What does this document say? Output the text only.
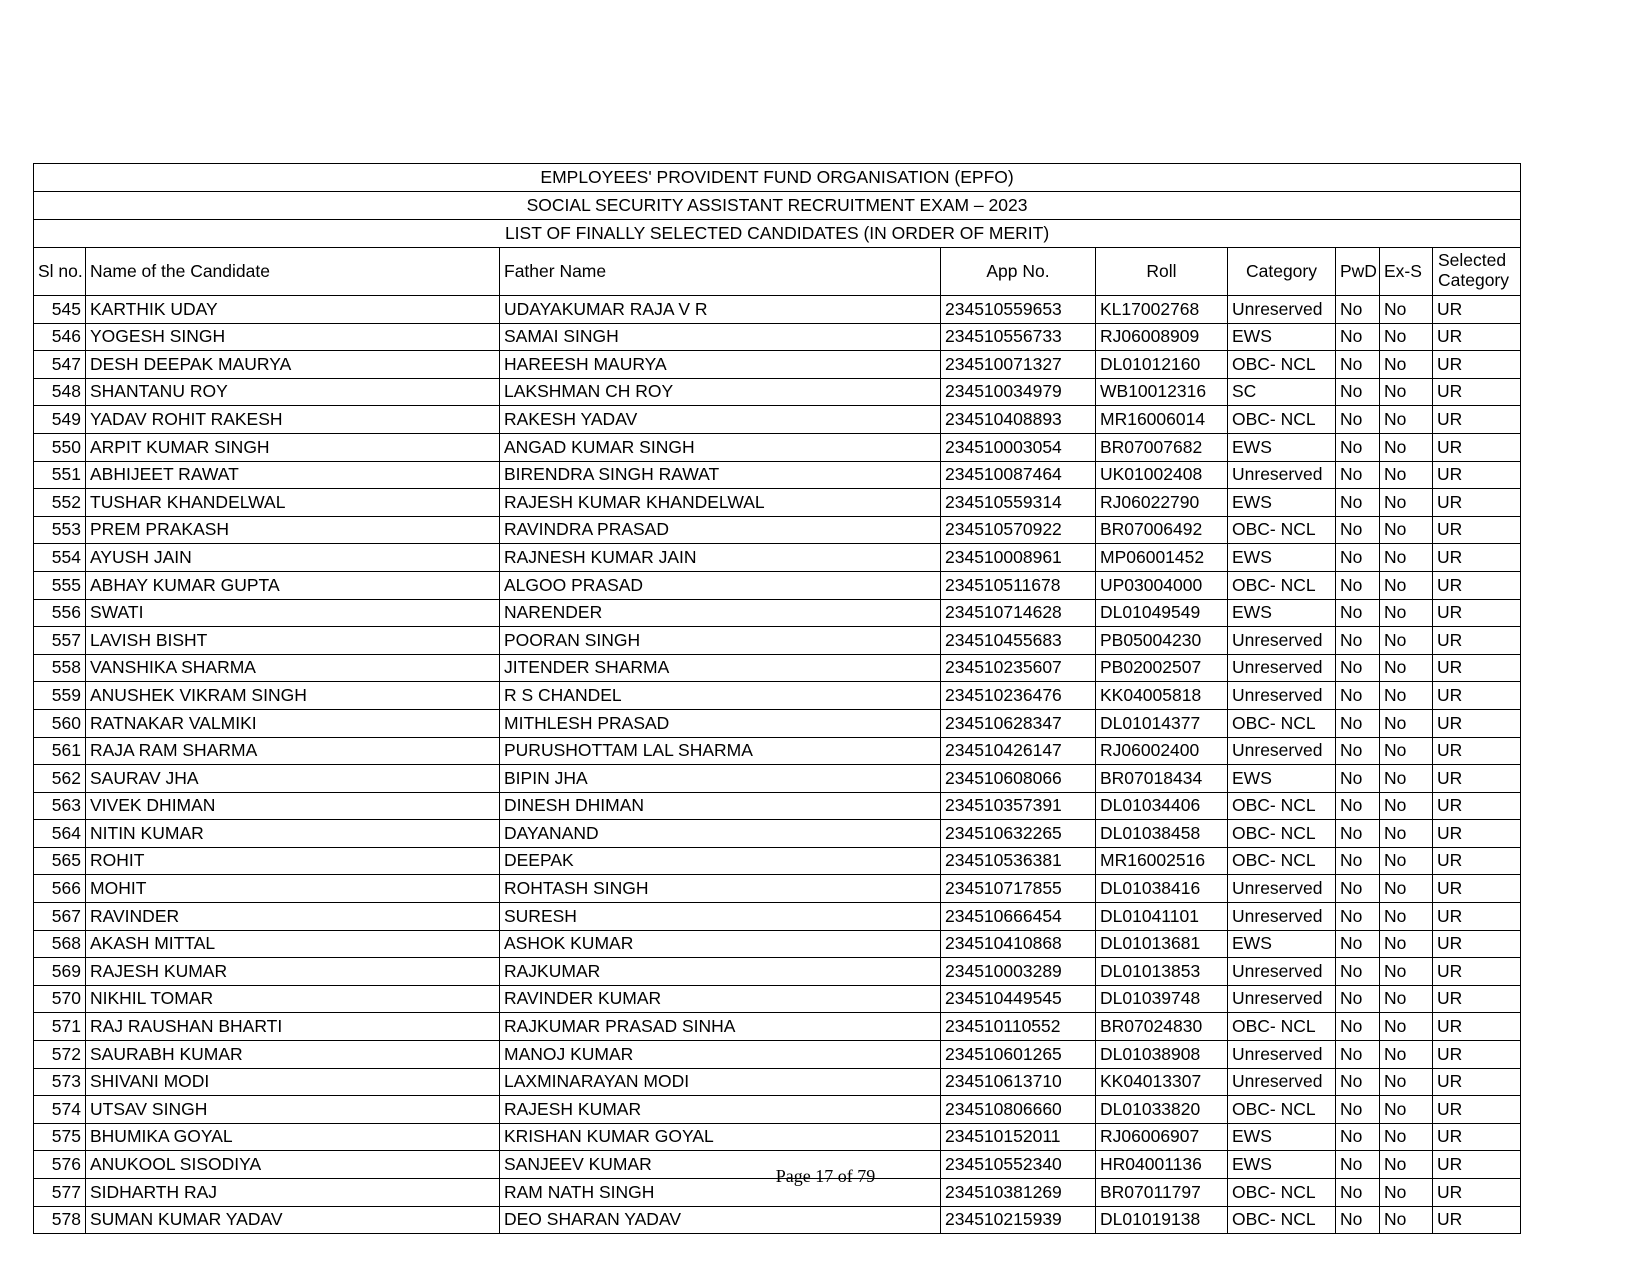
EMPLOYEES' PROVIDENT FUND ORGANISATION (EPFO)								
SOCIAL SECURITY ASSISTANT RECRUITMENT EXAM – 2023								
LIST OF FINALLY SELECTED CANDIDATES (IN ORDER OF MERIT)								
Sl no.	Name of the Candidate	Father Name	App No.	Roll	Category	PwD	Ex-S	Selected
Category
545	KARTHIK UDAY	UDAYAKUMAR RAJA V R	234510559653	KL17002768	Unreserved	No	No	UR
546	YOGESH SINGH	SAMAI SINGH	234510556733	RJ06008909	EWS	No	No	UR
547	DESH DEEPAK MAURYA	HAREESH MAURYA	234510071327	DL01012160	OBC- NCL	No	No	UR
548	SHANTANU ROY	LAKSHMAN CH ROY	234510034979	WB10012316	SC	No	No	UR
549	YADAV ROHIT RAKESH	RAKESH YADAV	234510408893	MR16006014	OBC- NCL	No	No	UR
550	ARPIT KUMAR SINGH	ANGAD KUMAR SINGH	234510003054	BR07007682	EWS	No	No	UR
551	ABHIJEET RAWAT	BIRENDRA SINGH RAWAT	234510087464	UK01002408	Unreserved	No	No	UR
552	TUSHAR KHANDELWAL	RAJESH KUMAR KHANDELWAL	234510559314	RJ06022790	EWS	No	No	UR
553	PREM PRAKASH	RAVINDRA PRASAD	234510570922	BR07006492	OBC- NCL	No	No	UR
554	AYUSH JAIN	RAJNESH KUMAR JAIN	234510008961	MP06001452	EWS	No	No	UR
555	ABHAY KUMAR GUPTA	ALGOO PRASAD	234510511678	UP03004000	OBC- NCL	No	No	UR
556	SWATI	NARENDER	234510714628	DL01049549	EWS	No	No	UR
557	LAVISH BISHT	POORAN SINGH	234510455683	PB05004230	Unreserved	No	No	UR
558	VANSHIKA SHARMA	JITENDER SHARMA	234510235607	PB02002507	Unreserved	No	No	UR
559	ANUSHEK VIKRAM SINGH	R S CHANDEL	234510236476	KK04005818	Unreserved	No	No	UR
560	RATNAKAR VALMIKI	MITHLESH PRASAD	234510628347	DL01014377	OBC- NCL	No	No	UR
561	RAJA RAM SHARMA	PURUSHOTTAM LAL SHARMA	234510426147	RJ06002400	Unreserved	No	No	UR
562	SAURAV JHA	BIPIN JHA	234510608066	BR07018434	EWS	No	No	UR
563	VIVEK DHIMAN	DINESH DHIMAN	234510357391	DL01034406	OBC- NCL	No	No	UR
564	NITIN KUMAR	DAYANAND	234510632265	DL01038458	OBC- NCL	No	No	UR
565	ROHIT	DEEPAK	234510536381	MR16002516	OBC- NCL	No	No	UR
566	MOHIT	ROHTASH SINGH	234510717855	DL01038416	Unreserved	No	No	UR
567	RAVINDER	SURESH	234510666454	DL01041101	Unreserved	No	No	UR
568	AKASH MITTAL	ASHOK KUMAR	234510410868	DL01013681	EWS	No	No	UR
569	RAJESH KUMAR	RAJKUMAR	234510003289	DL01013853	Unreserved	No	No	UR
570	NIKHIL TOMAR	RAVINDER KUMAR	234510449545	DL01039748	Unreserved	No	No	UR
571	RAJ RAUSHAN BHARTI	RAJKUMAR PRASAD SINHA	234510110552	BR07024830	OBC- NCL	No	No	UR
572	SAURABH KUMAR	MANOJ KUMAR	234510601265	DL01038908	Unreserved	No	No	UR
573	SHIVANI MODI	LAXMINARAYAN MODI	234510613710	KK04013307	Unreserved	No	No	UR
574	UTSAV SINGH	RAJESH KUMAR	234510806660	DL01033820	OBC- NCL	No	No	UR
575	BHUMIKA GOYAL	KRISHAN KUMAR GOYAL	234510152011	RJ06006907	EWS	No	No	UR
576	ANUKOOL SISODIYA	SANJEEV KUMAR	234510552340	HR04001136	EWS	No	No	UR
577	SIDHARTH RAJ	RAM NATH SINGH	234510381269	BR07011797	OBC- NCL	No	No	UR
578	SUMAN KUMAR YADAV	DEO SHARAN YADAV	234510215939	DL01019138	OBC- NCL	No	No	UR
Page 17 of 79
